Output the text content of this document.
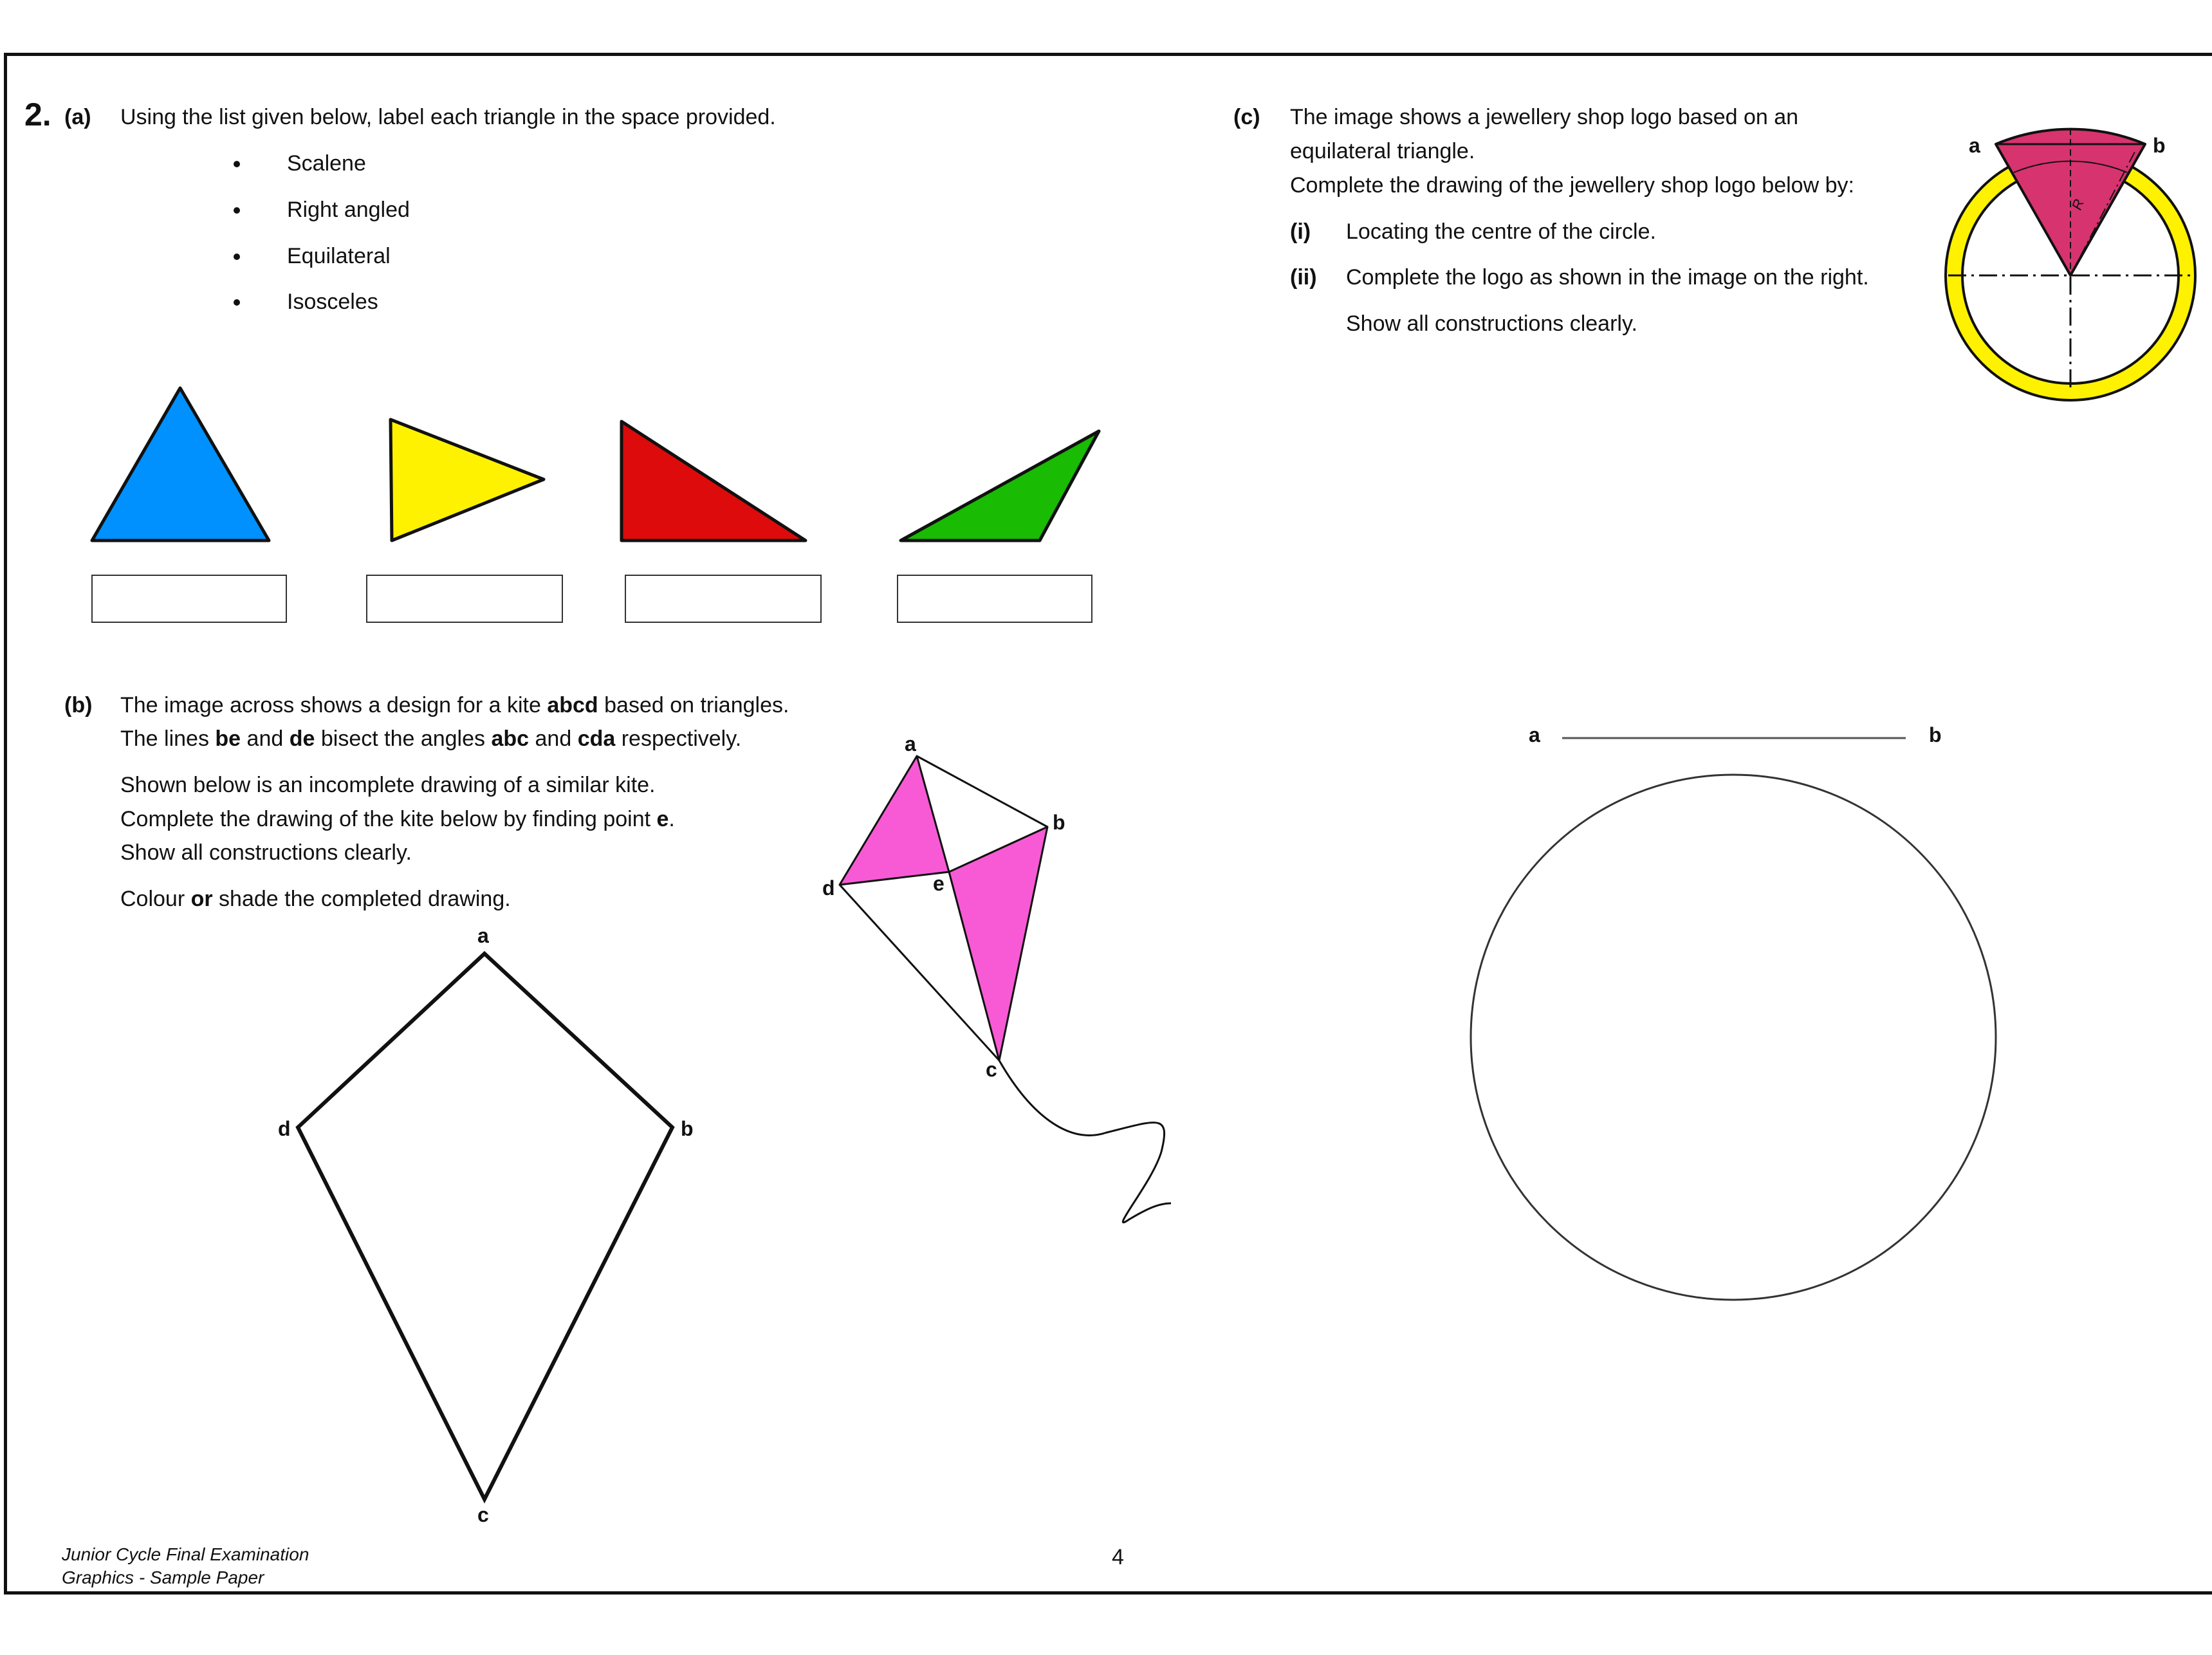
2. (a) Using the list given below, label each triangle in the space provided.
Scalene
Right angled
Equilateral
Isosceles
(b) The image across shows a design for a kite abcd based on triangles.
The lines be and de bisect the angles abc and cda respectively.
Shown below is an incomplete drawing of a similar kite.
Complete the drawing of the kite below by finding point e.
Show all constructions clearly.
Colour or shade the completed drawing.
(c) The image shows a jewellery shop logo based on an
equilateral triangle.
Complete the drawing of the jewellery shop logo below by:
(i) Locating the centre of the circle.
(ii) Complete the logo as shown in the image on the right.
Show all constructions clearly.
a
b
c
d
a
b
c
d	e
a	b
R
a	b
Junior Cycle Final Examination
Graphics - Sample Paper
4
